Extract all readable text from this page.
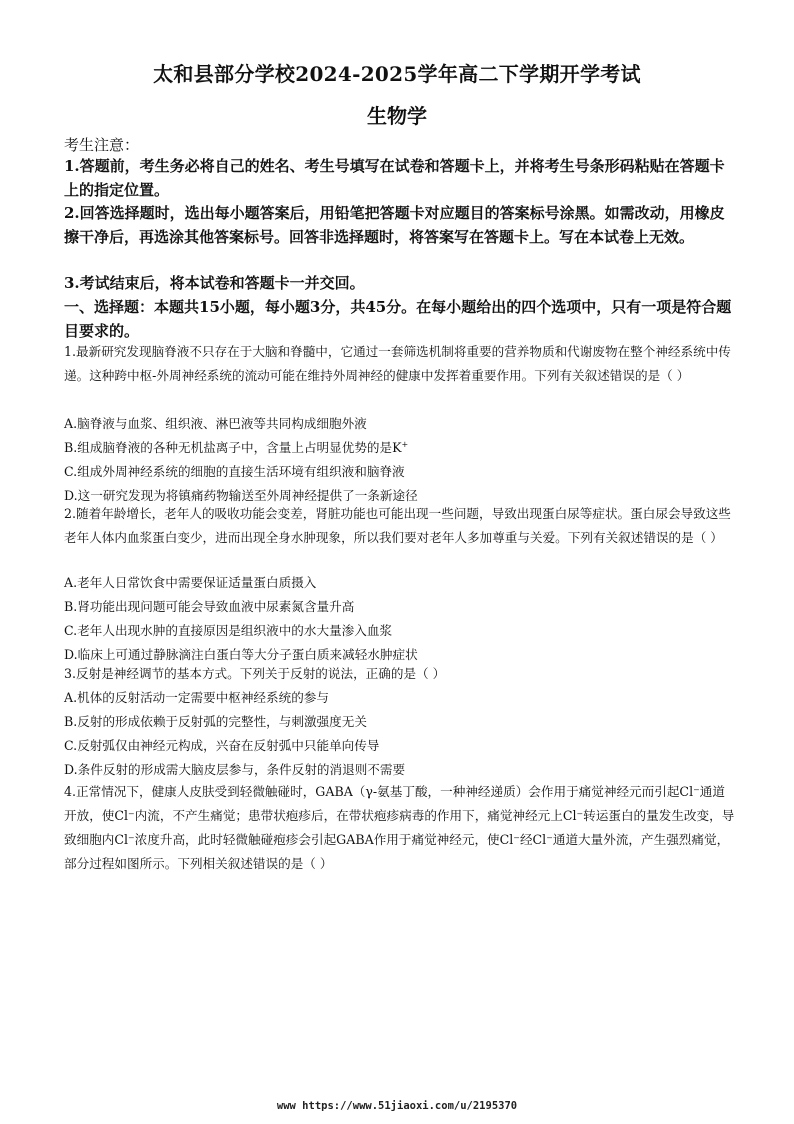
太和县部分学校2024-2025学年高二下学期开学考试
生物学
考生注意：
1.答题前，考生务必将自己的姓名、考生号填写在试卷和答题卡上，并将考生号条形码粘贴在答题卡上的指定位置。
2.回答选择题时，选出每小题答案后，用铅笔把答题卡对应题目的答案标号涂黑。如需改动，用橡皮擦干净后，再选涂其他答案标号。回答非选择题时，将答案写在答题卡上。写在本试卷上无效。
3.考试结束后，将本试卷和答题卡一并交回。
一、选择题：本题共15小题，每小题3分，共45分。在每小题给出的四个选项中，只有一项是符合题目要求的。
1.最新研究发现脑脊液不只存在于大脑和脊髓中，它通过一套筛选机制将重要的营养物质和代谢废物在整个神经系统中传递。这种跨中枢-外周神经系统的流动可能在维持外周神经的健康中发挥着重要作用。下列有关叙述错误的是（ ）
A.脑脊液与血浆、组织液、淋巴液等共同构成细胞外液
B.组成脑脊液的各种无机盐离子中，含量上占明显优势的是K+
C.组成外周神经系统的细胞的直接生活环境有组织液和脑脊液
D.这一研究发现为将镇痛药物输送至外周神经提供了一条新途径
2.随着年龄增长，老年人的吸收功能会变差，肾脏功能也可能出现一些问题，导致出现蛋白尿等症状。蛋白尿会导致这些老年人体内血浆蛋白变少，进而出现全身水肿现象，所以我们要对老年人多加尊重与关爱。下列有关叙述错误的是（ ）
A.老年人日常饮食中需要保证适量蛋白质摄入
B.肾功能出现问题可能会导致血液中尿素氮含量升高
C.老年人出现水肿的直接原因是组织液中的水大量渗入血浆
D.临床上可通过静脉滴注白蛋白等大分子蛋白质来减轻水肿症状
3.反射是神经调节的基本方式。下列关于反射的说法，正确的是（ ）
A.机体的反射活动一定需要中枢神经系统的参与
B.反射的形成依赖于反射弧的完整性，与刺激强度无关
C.反射弧仅由神经元构成，兴奋在反射弧中只能单向传导
D.条件反射的形成需大脑皮层参与，条件反射的消退则不需要
4.正常情况下，健康人皮肤受到轻微触碰时，GABA（γ-氨基丁酸，一种神经递质）会作用于痛觉神经元而引起Cl⁻通道开放，使Cl⁻内流，不产生痛觉；患带状疱疹后，在带状疱疹病毒的作用下，痛觉神经元上Cl⁻转运蛋白的量发生改变，导致细胞内Cl⁻浓度升高，此时轻微触碰疱疹会引起GABA作用于痛觉神经元，使Cl⁻经Cl⁻通道大量外流，产生强烈痛觉，部分过程如图所示。下列相关叙述错误的是（ ）
www https://www.51jiaoxi.com/u/2195370
